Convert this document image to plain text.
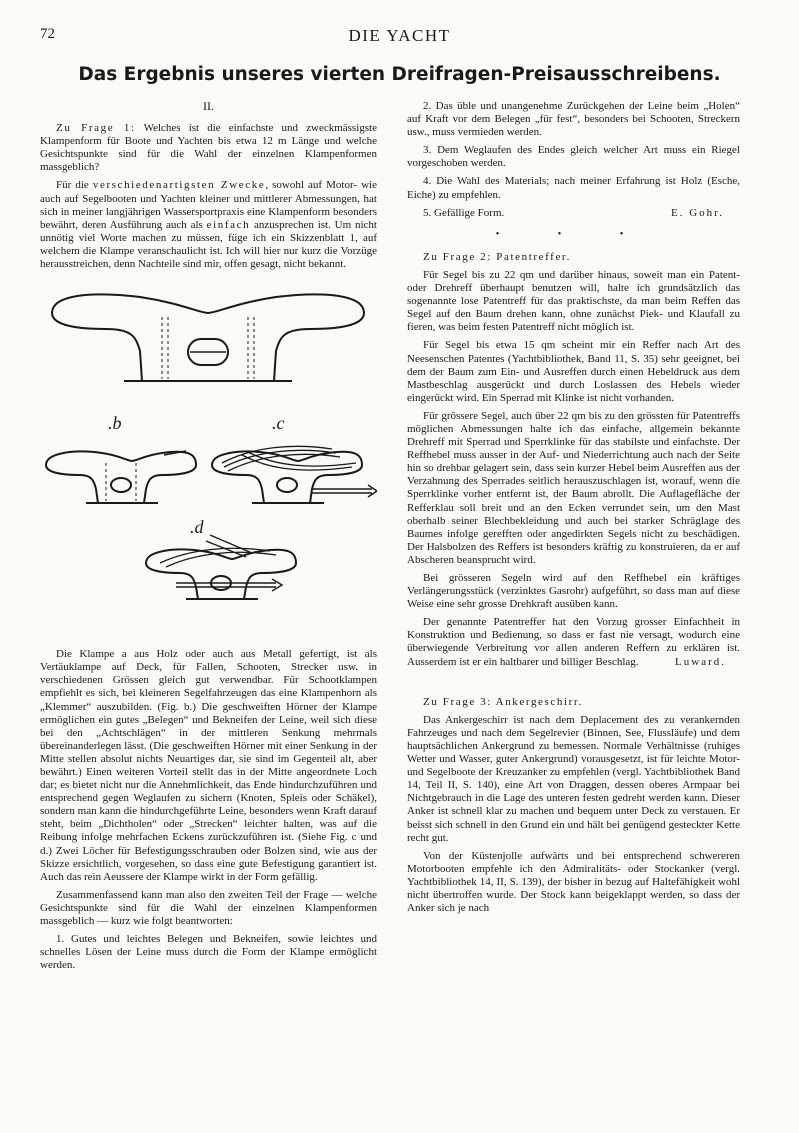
72	DIE YACHT
Das Ergebnis unseres vierten Dreifragen-Preisausschreibens.
II.

Zu Frage 1: Welches ist die einfachste und zweckmässigste Klampenform für Boote und Yachten bis etwa 12 m Länge und welche Gesichtspunkte sind für die Wahl der einzelnen Klampenformen massgeblich?

Für die verschiedenartigsten Zwecke, sowohl auf Motor- wie auch auf Segelbooten und Yachten kleiner und mittlerer Abmessungen, hat sich in meiner langjährigen Wassersportpraxis eine Klampenform besonders bewährt, deren Ausführung auch als einfach anzusprechen ist. Um nicht unnötig viel Worte machen zu müssen, füge ich ein Skizzenblatt 1, auf welchem die Klampe veranschaulicht ist. Ich will hier nur kurz die Vorzüge herausstreichen, denn Nachteile sind mir, offen gesagt, nicht bekannt.

.b	.c
.d

Die Klampe a aus Holz oder auch aus Metall gefertigt, ist als Vertäuklampe auf Deck, für Fallen, Schooten, Strecker usw. in verschiedenen Grössen gleich gut verwendbar. Für Schootklampen empfiehlt es sich, bei kleineren Segelfahrzeugen das eine Klampenhorn als „Klemmer“ auszubilden. (Fig. b.) Die geschweiften Hörner der Klampe ermöglichen ein gutes „Belegen“ und Bekneifen der Leine, weil sich diese bei den „Achtschlägen“ in der mittleren Senkung mehrmals übereinanderlegen lässt. (Die geschweiften Hörner mit einer Senkung in der Mitte stellen absolut nichts Neuartiges dar, sie sind im Gegenteil alt, aber bewährt.) Einen weiteren Vorteil stellt das in der Mitte angeordnete Loch dar; es bietet nicht nur die Annehmlichkeit, das Ende hindurchzuführen und entsprechend gegen Weglaufen zu sichern (Knoten, Spleis oder Schäkel), sondern man kann die hindurchgeführte Leine, besonders wenn Kraft darauf steht, beim „Dichtholen“ oder „Strecken“ leichter halten, was auf die Reibung infolge mehrfachen Eckens zurückzuführen ist. (Siehe Fig. c und d.) Zwei Löcher für Befestigungsschrauben oder Bolzen sind, wie aus der Skizze ersichtlich, vorgesehen, so dass eine gute Befestigung garantiert ist. Auch das rein Aeussere der Klampe wirkt in der Form gefällig.

Zusammenfassend kann man also den zweiten Teil der Frage — welche Gesichtspunkte sind für die Wahl der einzelnen Klampenformen massgeblich — kurz wie folgt beantworten:

1. Gutes und leichtes Belegen und Bekneifen, sowie leichtes und schnelles Lösen der Leine muss durch die Form der Klampe ermöglicht werden.

2. Das üble und unangenehme Zurückgehen der Leine beim „Holen“ auf Kraft vor dem Belegen „für fest“, besonders bei Schooten, Streckern usw., muss vermieden werden.

3. Dem Weglaufen des Endes gleich welcher Art muss ein Riegel vorgeschoben werden.

4. Die Wahl des Materials; nach meiner Erfahrung ist Holz (Esche, Eiche) zu empfehlen.

5. Gefällige Form.	E. Gohr.

• • •

Zu Frage 2: Patentreffer.

Für Segel bis zu 22 qm und darüber hinaus, soweit man ein Patent- oder Drehreff überhaupt benutzen will, halte ich grundsätzlich das sogenannte lose Patentreff für das praktischste, da man beim Reffen das Segel auf den Baum drehen kann, ohne zunächst Piek- und Klaufall zu fieren, was beim festen Patentreff nicht möglich ist.

Für Segel bis etwa 15 qm scheint mir ein Reffer nach Art des Neesenschen Patentes (Yachtbibliothek, Band 11, S. 35) sehr geeignet, bei dem der Baum zum Ein- und Ausreffen durch einen Hebeldruck aus dem Mastbeschlag ausgerückt und durch Loslassen des Hebels wieder eingerückt wird. Ein Sperrad mit Klinke ist nicht vorhanden.

Für grössere Segel, auch über 22 qm bis zu den grössten für Patentreffs möglichen Abmessungen halte ich das einfache, allgemein bekannte Drehreff mit Sperrad und Sperrklinke für das stabilste und einfachste. Der Reffhebel muss ausser in der Auf- und Niederrichtung auch nach der Seite hin so drehbar gelagert sein, dass sein kurzer Hebel beim Ausreffen aus der Verzahnung des Sperrades seitlich herauszuschlagen ist, worauf, wenn die Sperrklinke vorher entfernt ist, der Baum abrollt. Die Auflagefläche der Refferklau soll breit und an den Ecken verrundet sein, um den Mast oberhalb seiner Blechbekleidung und auch bei starker Schräglage des Baumes infolge gerefften oder angedirkten Segels nicht zu beschädigen. Der Halsbolzen des Reffers ist besonders kräftig zu konstruieren, da er auf Abscheren beansprucht wird.

Bei grösseren Segeln wird auf den Reffhebel ein kräftiges Verlängerungsstück (verzinktes Gasrohr) aufgeführt, so dass man auf diese Weise eine sehr grosse Drehkraft ausüben kann.

Der genannte Patentreffer hat den Vorzug grosser Einfachheit in Konstruktion und Bedienung, so dass er fast nie versagt, wodurch eine überwiegende Verbreitung vor allen anderen Reffern zu erklären ist. Ausserdem ist er ein haltbarer und billiger Beschlag.	Luward.

Zu Frage 3: Ankergeschirr.

Das Ankergeschirr ist nach dem Deplacement des zu verankernden Fahrzeuges und nach dem Segelrevier (Binnen, See, Flussläufe) und dem hauptsächlichen Ankergrund zu bemessen. Normale Verhältnisse (ruhiges Wetter und Wasser, guter Ankergrund) vorausgesetzt, ist für leichte Motor- und Segelboote der Kreuzanker zu empfehlen (vergl. Yachtbibliothek Band 14, Teil II, S. 140), eine Art von Draggen, dessen oberes Armpaar bei Nichtgebrauch in die Lage des unteren festen gedreht werden kann. Dieser Anker ist schnell klar zu machen und bequem unter Deck zu verstauen. Er beisst sich schnell in den Grund ein und hält bei genügend gesteckter Kette recht gut.

Von der Küstenjolle aufwärts und bei entsprechend schwereren Motorbooten empfehle ich den Admiralitäts- oder Stockanker (vergl. Yachtbibliothek 14, II, S. 139), der bisher in bezug auf Haltefähigkeit wohl nicht übertroffen wurde. Der Stock kann beigeklappt werden, so dass der Anker sich je nach
